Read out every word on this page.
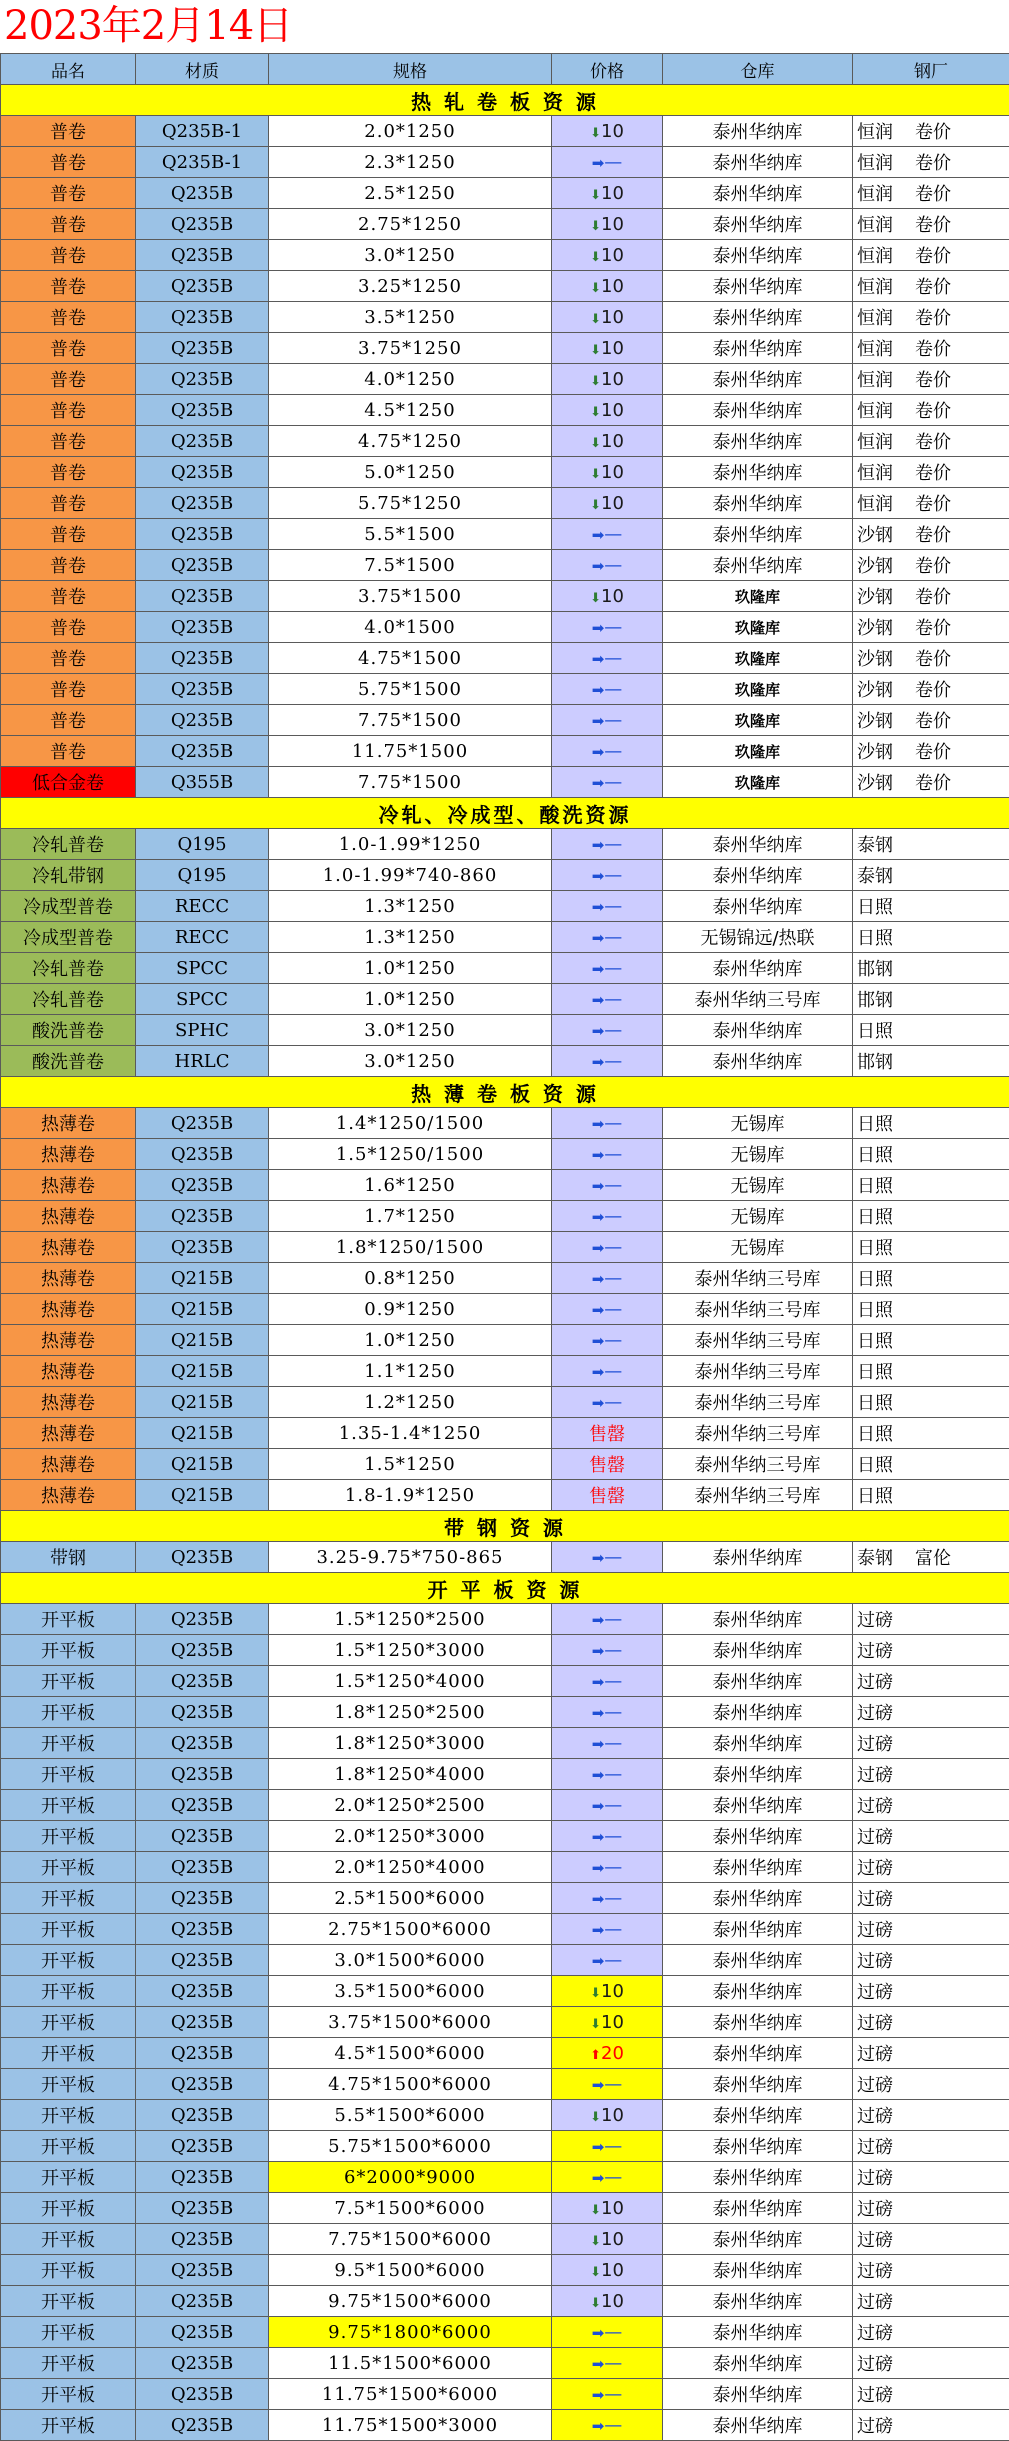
2023年2月14日
品名	材质	规格	价格	仓库	钢厂
热 轧 卷 板 资 源					
普卷	Q235B-1	2.0*1250	⬇10	泰州华纳库	恒润 卷价
普卷	Q235B-1	2.3*1250	➡—	泰州华纳库	恒润 卷价
普卷	Q235B	2.5*1250	⬇10	泰州华纳库	恒润 卷价
普卷	Q235B	2.75*1250	⬇10	泰州华纳库	恒润 卷价
普卷	Q235B	3.0*1250	⬇10	泰州华纳库	恒润 卷价
普卷	Q235B	3.25*1250	⬇10	泰州华纳库	恒润 卷价
普卷	Q235B	3.5*1250	⬇10	泰州华纳库	恒润 卷价
普卷	Q235B	3.75*1250	⬇10	泰州华纳库	恒润 卷价
普卷	Q235B	4.0*1250	⬇10	泰州华纳库	恒润 卷价
普卷	Q235B	4.5*1250	⬇10	泰州华纳库	恒润 卷价
普卷	Q235B	4.75*1250	⬇10	泰州华纳库	恒润 卷价
普卷	Q235B	5.0*1250	⬇10	泰州华纳库	恒润 卷价
普卷	Q235B	5.75*1250	⬇10	泰州华纳库	恒润 卷价
普卷	Q235B	5.5*1500	➡—	泰州华纳库	沙钢 卷价
普卷	Q235B	7.5*1500	➡—	泰州华纳库	沙钢 卷价
普卷	Q235B	3.75*1500	⬇10	玖隆库	沙钢 卷价
普卷	Q235B	4.0*1500	➡—	玖隆库	沙钢 卷价
普卷	Q235B	4.75*1500	➡—	玖隆库	沙钢 卷价
普卷	Q235B	5.75*1500	➡—	玖隆库	沙钢 卷价
普卷	Q235B	7.75*1500	➡—	玖隆库	沙钢 卷价
普卷	Q235B	11.75*1500	➡—	玖隆库	沙钢 卷价
低合金卷	Q355B	7.75*1500	➡—	玖隆库	沙钢 卷价
冷轧、冷成型、酸洗资源					
冷轧普卷	Q195	1.0-1.99*1250	➡—	泰州华纳库	泰钢
冷轧带钢	Q195	1.0-1.99*740-860	➡—	泰州华纳库	泰钢
冷成型普卷	RECC	1.3*1250	➡—	泰州华纳库	日照
冷成型普卷	RECC	1.3*1250	➡—	无锡锦远/热联	日照
冷轧普卷	SPCC	1.0*1250	➡—	泰州华纳库	邯钢
冷轧普卷	SPCC	1.0*1250	➡—	泰州华纳三号库	邯钢
酸洗普卷	SPHC	3.0*1250	➡—	泰州华纳库	日照
酸洗普卷	HRLC	3.0*1250	➡—	泰州华纳库	邯钢
热 薄 卷 板 资 源					
热薄卷	Q235B	1.4*1250/1500	➡—	无锡库	日照
热薄卷	Q235B	1.5*1250/1500	➡—	无锡库	日照
热薄卷	Q235B	1.6*1250	➡—	无锡库	日照
热薄卷	Q235B	1.7*1250	➡—	无锡库	日照
热薄卷	Q235B	1.8*1250/1500	➡—	无锡库	日照
热薄卷	Q215B	0.8*1250	➡—	泰州华纳三号库	日照
热薄卷	Q215B	0.9*1250	➡—	泰州华纳三号库	日照
热薄卷	Q215B	1.0*1250	➡—	泰州华纳三号库	日照
热薄卷	Q215B	1.1*1250	➡—	泰州华纳三号库	日照
热薄卷	Q215B	1.2*1250	➡—	泰州华纳三号库	日照
热薄卷	Q215B	1.35-1.4*1250	售罄	泰州华纳三号库	日照
热薄卷	Q215B	1.5*1250	售罄	泰州华纳三号库	日照
热薄卷	Q215B	1.8-1.9*1250	售罄	泰州华纳三号库	日照
带 钢 资 源					
带钢	Q235B	3.25-9.75*750-865	➡—	泰州华纳库	泰钢 富伦
开 平 板 资 源					
开平板	Q235B	1.5*1250*2500	➡—	泰州华纳库	过磅
开平板	Q235B	1.5*1250*3000	➡—	泰州华纳库	过磅
开平板	Q235B	1.5*1250*4000	➡—	泰州华纳库	过磅
开平板	Q235B	1.8*1250*2500	➡—	泰州华纳库	过磅
开平板	Q235B	1.8*1250*3000	➡—	泰州华纳库	过磅
开平板	Q235B	1.8*1250*4000	➡—	泰州华纳库	过磅
开平板	Q235B	2.0*1250*2500	➡—	泰州华纳库	过磅
开平板	Q235B	2.0*1250*3000	➡—	泰州华纳库	过磅
开平板	Q235B	2.0*1250*4000	➡—	泰州华纳库	过磅
开平板	Q235B	2.5*1500*6000	➡—	泰州华纳库	过磅
开平板	Q235B	2.75*1500*6000	➡—	泰州华纳库	过磅
开平板	Q235B	3.0*1500*6000	➡—	泰州华纳库	过磅
开平板	Q235B	3.5*1500*6000	⬇10	泰州华纳库	过磅
开平板	Q235B	3.75*1500*6000	⬇10	泰州华纳库	过磅
开平板	Q235B	4.5*1500*6000	⬆20	泰州华纳库	过磅
开平板	Q235B	4.75*1500*6000	➡—	泰州华纳库	过磅
开平板	Q235B	5.5*1500*6000	⬇10	泰州华纳库	过磅
开平板	Q235B	5.75*1500*6000	➡—	泰州华纳库	过磅
开平板	Q235B	6*2000*9000	➡—	泰州华纳库	过磅
开平板	Q235B	7.5*1500*6000	⬇10	泰州华纳库	过磅
开平板	Q235B	7.75*1500*6000	⬇10	泰州华纳库	过磅
开平板	Q235B	9.5*1500*6000	⬇10	泰州华纳库	过磅
开平板	Q235B	9.75*1500*6000	⬇10	泰州华纳库	过磅
开平板	Q235B	9.75*1800*6000	➡—	泰州华纳库	过磅
开平板	Q235B	11.5*1500*6000	➡—	泰州华纳库	过磅
开平板	Q235B	11.75*1500*6000	➡—	泰州华纳库	过磅
开平板	Q235B	11.75*1500*3000	➡—	泰州华纳库	过磅
